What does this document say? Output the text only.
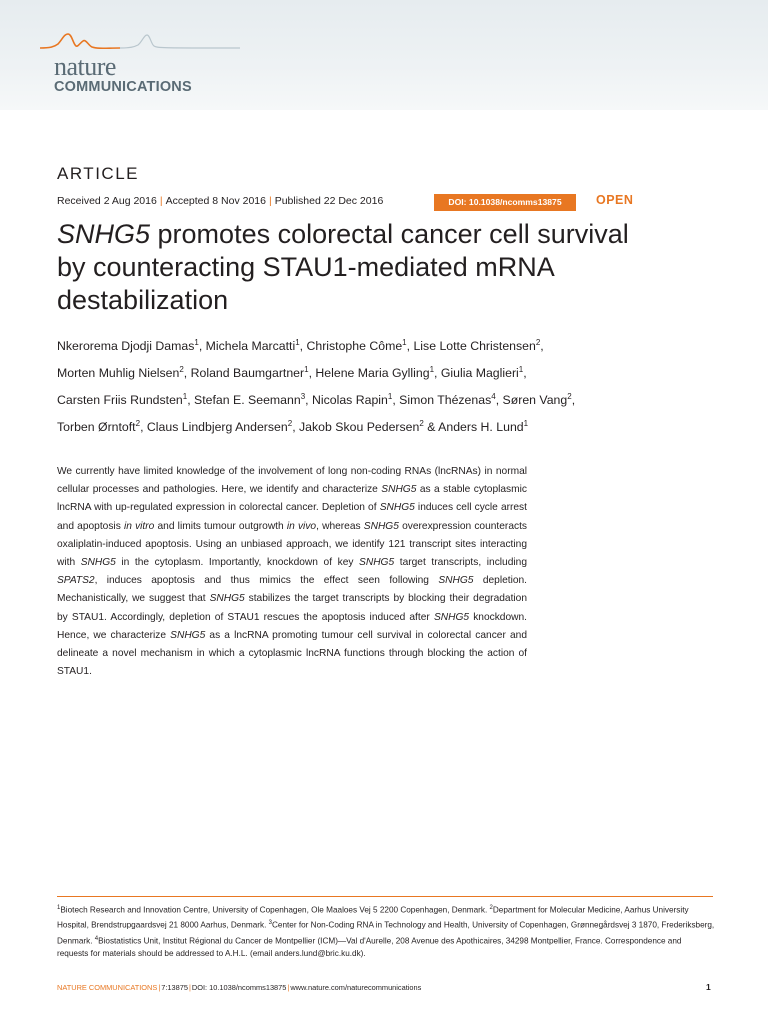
nature
COMMUNICATIONS
ARTICLE
Received 2 Aug 2016 | Accepted 8 Nov 2016 | Published 22 Dec 2016	DOI: 10.1038/ncomms13875	OPEN
SNHG5 promotes colorectal cancer cell survival
by counteracting STAU1-mediated mRNA
destabilization
Nkerorema Djodji Damas$^1$, Michela Marcatti$^1$, Christophe Côme$^1$, Lise Lotte Christensen$^2$,
Morten Muhlig Nielsen$^2$, Roland Baumgartner$^1$, Helene Maria Gylling$^1$, Giulia Maglieri$^1$,
Carsten Friis Rundsten$^1$, Stefan E. Seemann$^3$, Nicolas Rapin$^1$, Simon Thézenas$^4$, Søren Vang$^2$,
Torben Ørntoft$^2$, Claus Lindbjerg Andersen$^2$, Jakob Skou Pedersen$^2$ & Anders H. Lund$^1$
We currently have limited knowledge of the involvement of long non-coding RNAs (lncRNAs) in normal cellular processes and pathologies. Here, we identify and characterize SNHG5 as a stable cytoplasmic lncRNA with up-regulated expression in colorectal cancer. Depletion of SNHG5 induces cell cycle arrest and apoptosis in vitro and limits tumour outgrowth in vivo, whereas SNHG5 overexpression counteracts oxaliplatin-induced apoptosis. Using an unbiased approach, we identify 121 transcript sites interacting with SNHG5 in the cytoplasm. Importantly, knockdown of key SNHG5 target transcripts, including SPATS2, induces apoptosis and thus mimics the effect seen following SNHG5 depletion. Mechanistically, we suggest that SNHG5 stabilizes the target transcripts by blocking their degradation by STAU1. Accordingly, depletion of STAU1 rescues the apoptosis induced after SNHG5 knockdown. Hence, we characterize SNHG5 as a lncRNA promoting tumour cell survival in colorectal cancer and delineate a novel mechanism in which a cytoplasmic lncRNA functions through blocking the action of STAU1.
$^1$Biotech Research and Innovation Centre, University of Copenhagen, Ole Maaloes Vej 5 2200 Copenhagen, Denmark. $^2$Department for Molecular Medicine, Aarhus University Hospital, Brendstrupgaardsvej 21 8000 Aarhus, Denmark. $^3$Center for Non-Coding RNA in Technology and Health, University of Copenhagen, Grønnegårdsvej 3 1870, Frederiksberg, Denmark. $^4$Biostatistics Unit, Institut Régional du Cancer de Montpellier (ICM)—Val d'Aurelle, 208 Avenue des Apothicaires, 34298 Montpellier, France. Correspondence and requests for materials should be addressed to A.H.L. (email anders.lund@bric.ku.dk).
NATURE COMMUNICATIONS|7:13875|DOI: 10.1038/ncomms13875|www.nature.com/naturecommunications	1
